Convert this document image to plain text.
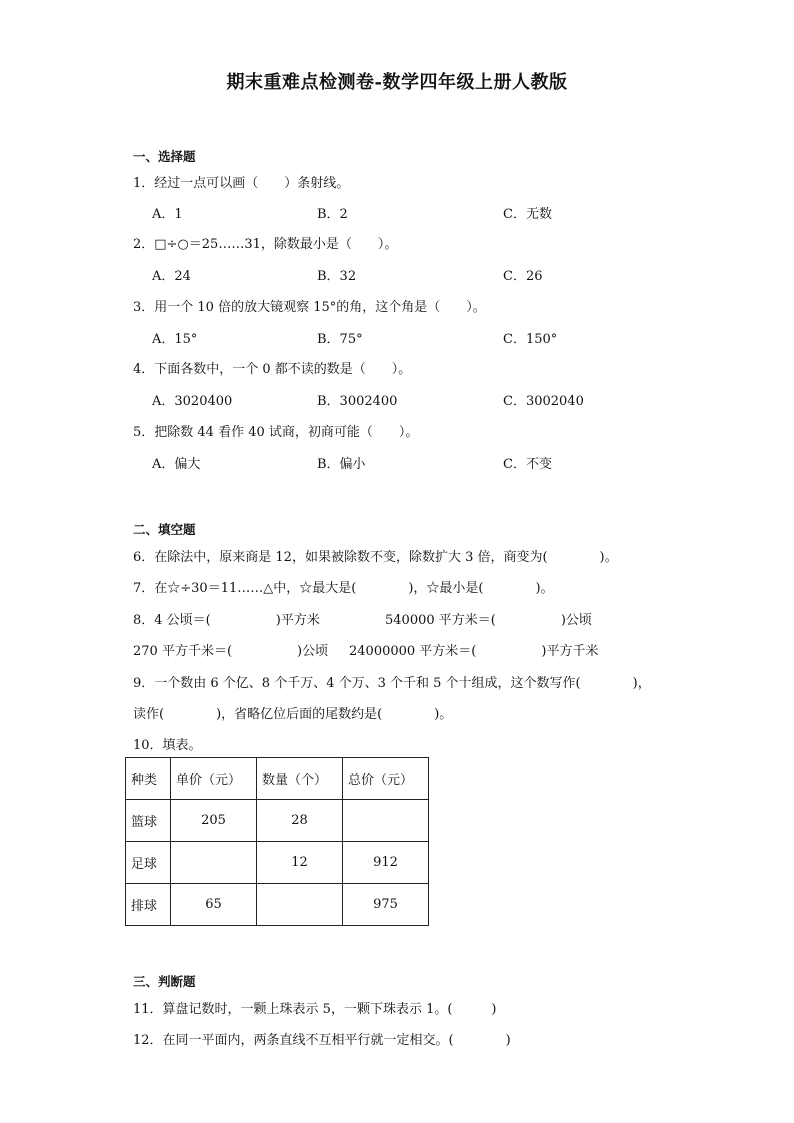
期末重难点检测卷-数学四年级上册人教版
一、选择题
1．经过一点可以画（　　）条射线。
A．1	B．2	C．无数
2．□÷○＝25……31，除数最小是（　　）。
A．24	B．32	C．26
3．用一个 10 倍的放大镜观察 15°的角，这个角是（　　）。
A．15°	B．75°	C．150°
4．下面各数中，一个 0 都不读的数是（　　）。
A．3020400	B．3002400	C．3002040
5．把除数 44 看作 40 试商，初商可能（　　）。
A．偏大	B．偏小	C．不变
二、填空题
6．在除法中，原来商是 12，如果被除数不变，除数扩大 3 倍，商变为(　　　　)。
7．在☆÷30＝11……△中，☆最大是(　　　　)，☆最小是(　　　　)。
8．4 公顷＝(　　　　　)平方米	540000 平方米＝(　　　　　)公顷
270 平方千米＝(　　　　　)公顷 24000000 平方米＝(　　　　　)平方千米
9．一个数由 6 个亿、8 个千万、4 个万、3 个千和 5 个十组成，这个数写作(　　　　)，
读作(　　　　)，省略亿位后面的尾数约是(　　　　)。
10．填表。
种类	单价（元）	数量（个）	总价（元）
篮球	205	28	
足球		12	912
排球	65		975
三、判断题
11．算盘记数时，一颗上珠表示 5，一颗下珠表示 1。(　　　)
12．在同一平面内，两条直线不互相平行就一定相交。(　　　　)
